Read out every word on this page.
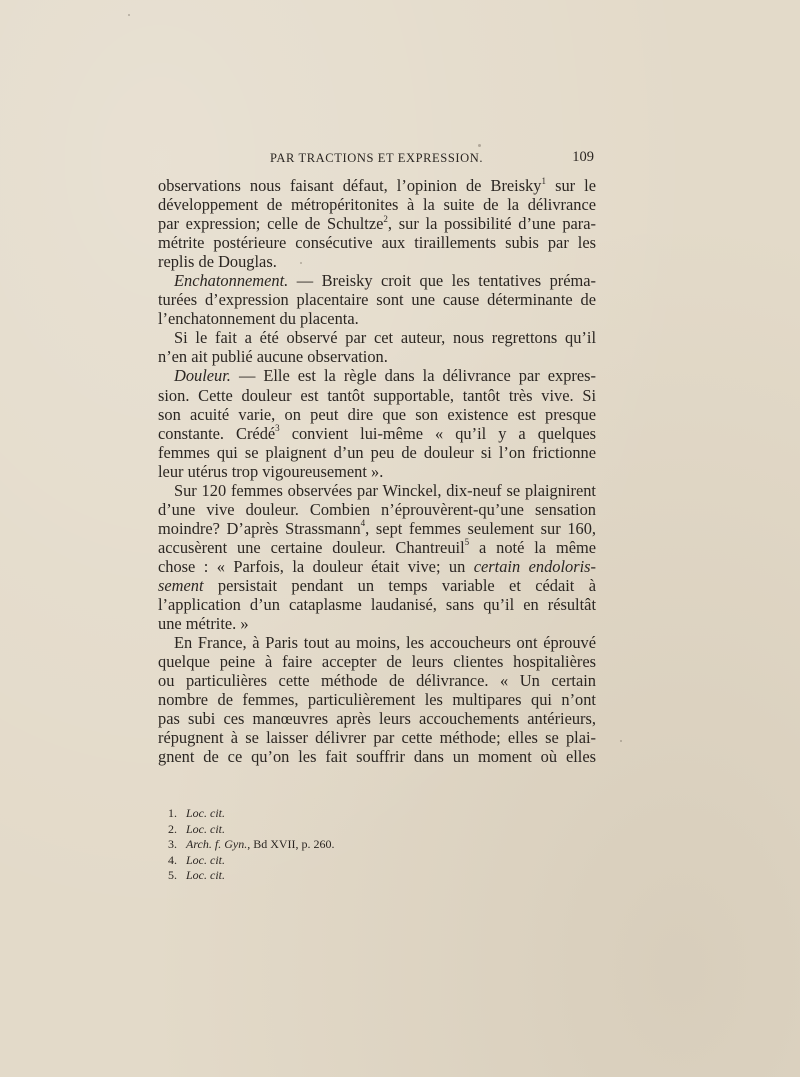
PAR TRACTIONS ET EXPRESSION.	109
observations nous faisant défaut, l’opinion de Breisky$^1$ sur le
développement de métropéritonites à la suite de la délivrance
par expression; celle de Schultze$^2$, sur la possibilité d’une para-
métrite postérieure consécutive aux tiraillements subis par les
replis de Douglas.
Enchatonnement. — Breisky croit que les tentatives préma-
turées d’expression placentaire sont une cause déterminante de
l’enchatonnement du placenta.
Si le fait a été observé par cet auteur, nous regrettons qu’il
n’en ait publié aucune observation.
Douleur. — Elle est la règle dans la délivrance par expres-
sion. Cette douleur est tantôt supportable, tantôt très vive. Si
son acuité varie, on peut dire que son existence est presque
constante. Crédé$^3$ convient lui-même « qu’il y a quelques
femmes qui se plaignent d’un peu de douleur si l’on frictionne
leur utérus trop vigoureusement ».
Sur 120 femmes observées par Winckel, dix-neuf se plaignirent
d’une vive douleur. Combien n’éprouvèrent-qu’une sensation
moindre? D’après Strassmann$^4$, sept femmes seulement sur 160,
accusèrent une certaine douleur. Chantreuil$^5$ a noté la même
chose : « Parfois, la douleur était vive; un certain endoloris-
sement persistait pendant un temps variable et cédait à
l’application d’un cataplasme laudanisé, sans qu’il en résultât
une métrite. »
En France, à Paris tout au moins, les accoucheurs ont éprouvé
quelque peine à faire accepter de leurs clientes hospitalières
ou particulières cette méthode de délivrance. « Un certain
nombre de femmes, particulièrement les multipares qui n’ont
pas subi ces manœuvres après leurs accouchements antérieurs,
répugnent à se laisser délivrer par cette méthode; elles se plai-
gnent de ce qu’on les fait souffrir dans un moment où elles
1. Loc. cit.
2. Loc. cit.
3. Arch. f. Gyn., Bd XVII, p. 260.
4. Loc. cit.
5. Loc. cit.
